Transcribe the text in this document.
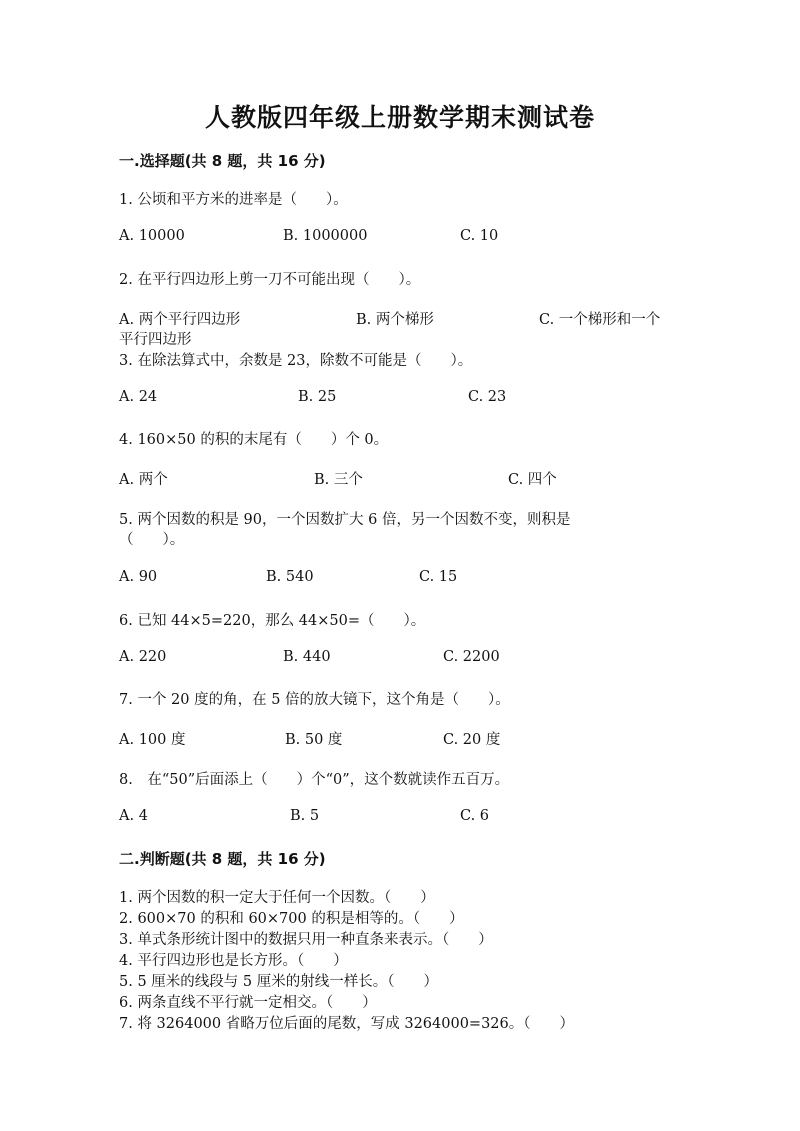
人教版四年级上册数学期末测试卷
一.选择题(共 8 题，共 16 分)
1. 公顷和平方米的进率是（　　）。
A. 10000	B. 1000000	C. 10
2. 在平行四边形上剪一刀不可能出现（　　）。
A. 两个平行四边形	B. 两个梯形	C. 一个梯形和一个
平行四边形
3. 在除法算式中，余数是 23，除数不可能是（　　）。
A. 24	B. 25	C. 23
4. 160×50 的积的末尾有（　　）个 0。
A. 两个	B. 三个	C. 四个
5. 两个因数的积是 90，一个因数扩大 6 倍，另一个因数不变，则积是
（　　）。
A. 90	B. 540	C. 15
6. 已知 44×5=220，那么 44×50=（　　）。
A. 220	B. 440	C. 2200
7. 一个 20 度的角，在 5 倍的放大镜下，这个角是（　　）。
A. 100 度	B. 50 度	C. 20 度
8.　在“50”后面添上（　　）个“0”，这个数就读作五百万。
A. 4	B. 5	C. 6
二.判断题(共 8 题，共 16 分)
1. 两个因数的积一定大于任何一个因数。（　　）
2. 600×70 的积和 60×700 的积是相等的。（　　）
3. 单式条形统计图中的数据只用一种直条来表示。（　　）
4. 平行四边形也是长方形。（　　）
5. 5 厘米的线段与 5 厘米的射线一样长。（　　）
6. 两条直线不平行就一定相交。（　　）
7. 将 3264000 省略万位后面的尾数，写成 3264000=326。（　　）
